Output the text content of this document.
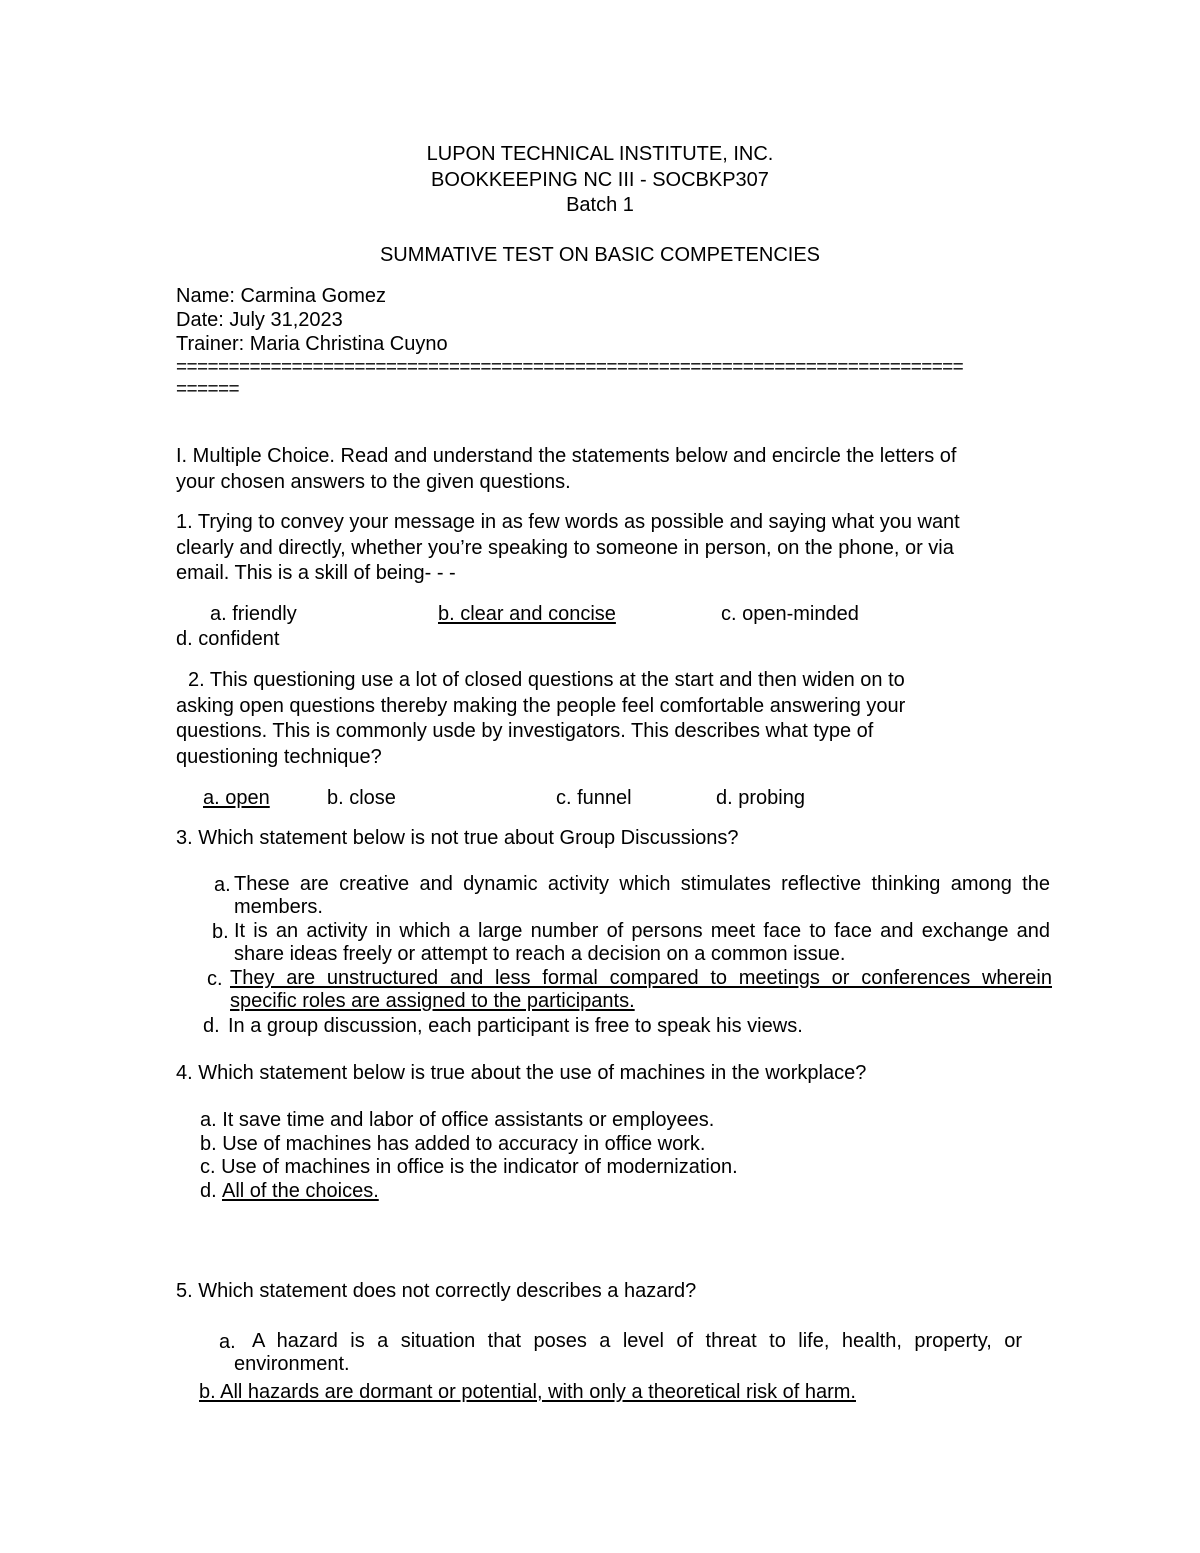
LUPON TECHNICAL INSTITUTE, INC.
BOOKKEEPING NC III - SOCBKP307
Batch 1
SUMMATIVE TEST ON BASIC COMPETENCIES
Name: Carmina Gomez
Date: July 31,2023
Trainer: Maria Christina Cuyno
===========================================================================
======
I. Multiple Choice. Read and understand the statements below and encircle the letters of
your chosen answers to the given questions.
1. Trying to convey your message in as few words as possible and saying what you want
clearly and directly, whether you’re speaking to someone in person, on the phone, or via
email. This is a skill of being- - -
a. friendly	b. clear and concise	c. open-minded
d. confident
2. This questioning use a lot of closed questions at the start and then widen on to
asking open questions thereby making the people feel comfortable answering your
questions. This is commonly usde by investigators. This describes what type of
questioning technique?
a. open	b. close	c. funnel	d. probing
3. Which statement below is not true about Group Discussions?
a. These are creative and dynamic activity which stimulates reflective thinking among the members.
b. It is an activity in which a large number of persons meet face to face and exchange and share ideas freely or attempt to reach a decision on a common issue.
c. They are unstructured and less formal compared to meetings or conferences wherein specific roles are assigned to the participants.
d. In a group discussion, each participant is free to speak his views.
4. Which statement below is true about the use of machines in the workplace?
a. It save time and labor of office assistants or employees.
b. Use of machines has added to accuracy in office work.
c. Use of machines in office is the indicator of modernization.
d. All of the choices.
5. Which statement does not correctly describes a hazard?
a. A hazard is a situation that poses a level of threat to life, health, property, or environment.
b. All hazards are dormant or potential, with only a theoretical risk of harm.
